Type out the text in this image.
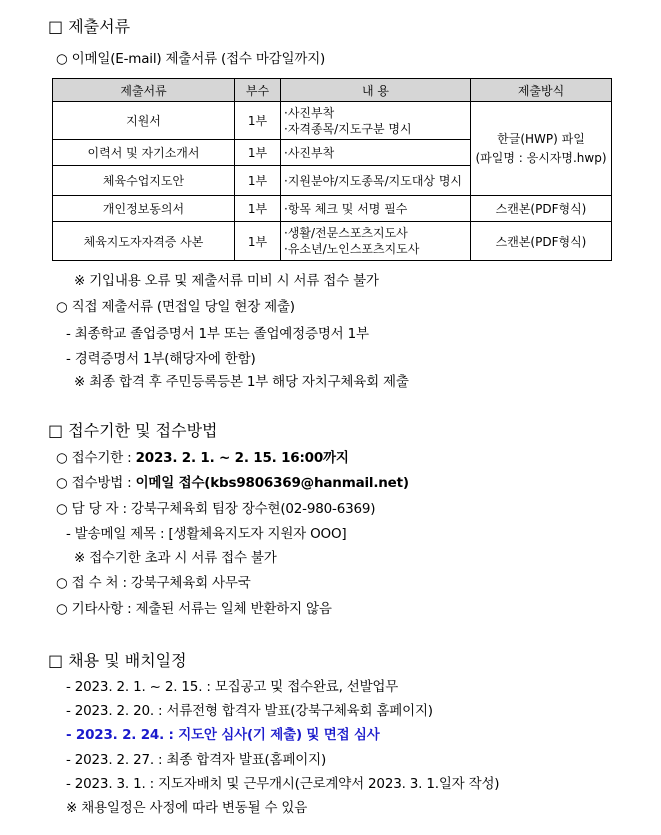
□ 제출서류
○ 이메일(E-mail) 제출서류 (접수 마감일까지)
제출서류	부수	내 용	제출방식
지원서	1부	·사진부착
·자격종목/지도구분 명시	한글(HWP) 파일
(파일명 : 응시자명.hwp)

이력서 및 자기소개서	1부	·사진부착	
체육수업지도안	1부	·지원분야/지도종목/지도대상 명시	
개인정보동의서	1부	·항목 체크 및 서명 필수	스캔본(PDF형식)
체육지도자자격증 사본	1부	·생활/전문스포츠지도사
·유소년/노인스포츠지도사	스캔본(PDF형식)
※ 기입내용 오류 및 제출서류 미비 시 서류 접수 불가
○ 직접 제출서류 (면접일 당일 현장 제출)
- 최종학교 졸업증명서 1부 또는 졸업예정증명서 1부
- 경력증명서 1부(해당자에 한함)
※ 최종 합격 후 주민등록등본 1부 해당 자치구체육회 제출
□ 접수기한 및 접수방법
○ 접수기한 : 2023. 2. 1. ~ 2. 15. 16:00까지
○ 접수방법 : 이메일 접수(kbs9806369@hanmail.net)
○ 담 당 자 : 강북구체육회 팀장 장수현(02-980-6369)
- 발송메일 제목 : [생활체육지도자 지원자 OOO]
※ 접수기한 초과 시 서류 접수 불가
○ 접 수 처 : 강북구체육회 사무국
○ 기타사항 : 제출된 서류는 일체 반환하지 않음
□ 채용 및 배치일정
- 2023. 2. 1. ~ 2. 15. : 모집공고 및 접수완료, 선발업무
- 2023. 2. 20. : 서류전형 합격자 발표(강북구체육회 홈페이지)
- 2023. 2. 24. : 지도안 심사(기 제출) 및 면접 심사
- 2023. 2. 27. : 최종 합격자 발표(홈페이지)
- 2023. 3. 1. : 지도자배치 및 근무개시(근로계약서 2023. 3. 1.일자 작성)
※ 채용일정은 사정에 따라 변동될 수 있음
